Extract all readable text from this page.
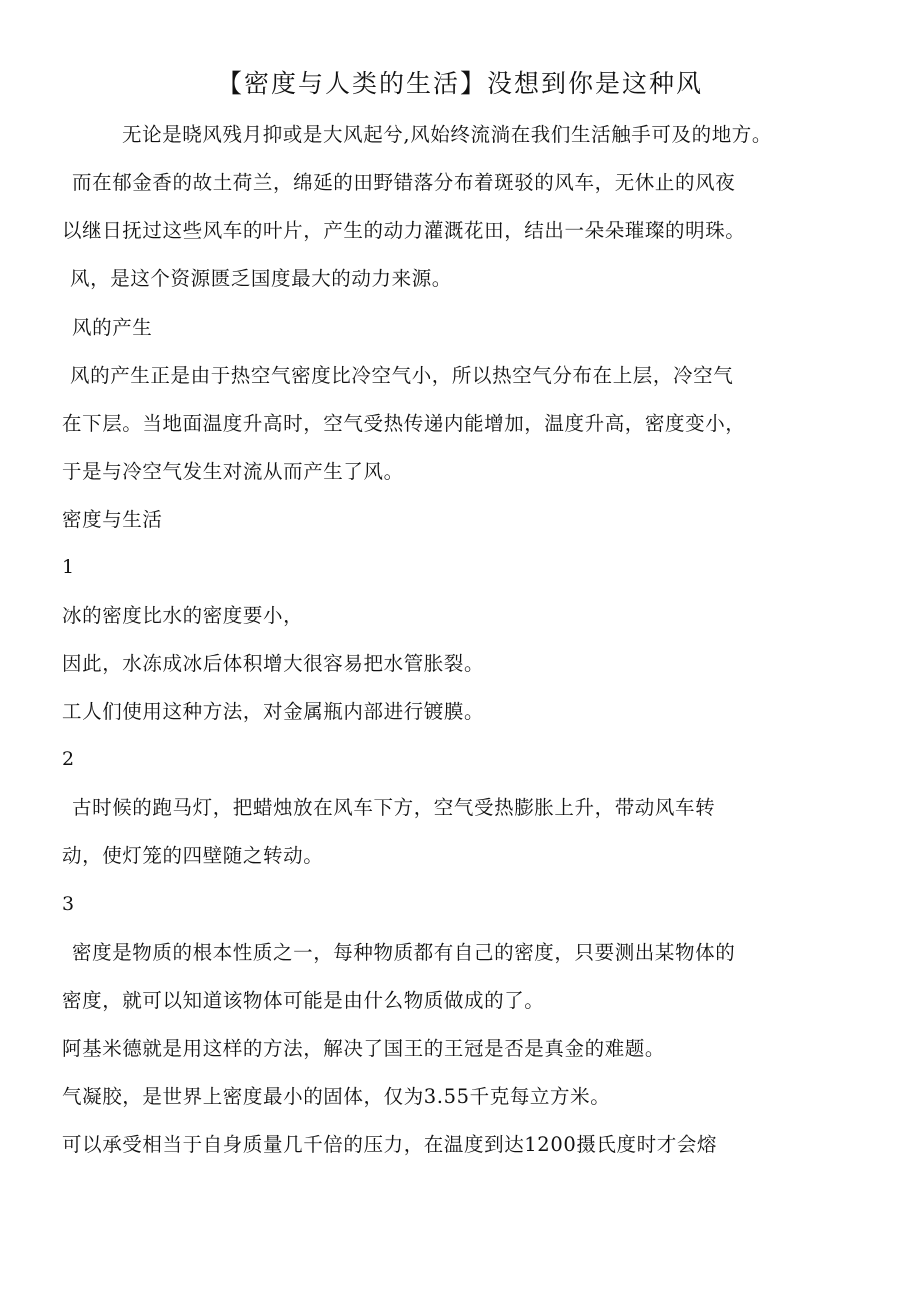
【密度与人类的生活】没想到你是这种风
无论是晓风残月抑或是大风起兮,风始终流淌在我们生活触手可及的地方。
而在郁金香的故土荷兰，绵延的田野错落分布着斑驳的风车，无休止的风夜
以继日抚过这些风车的叶片，产生的动力灌溉花田，结出一朵朵璀璨的明珠。
风，是这个资源匮乏国度最大的动力来源。
风的产生
风的产生正是由于热空气密度比冷空气小，所以热空气分布在上层，冷空气
在下层。当地面温度升高时，空气受热传递内能增加，温度升高，密度变小，
于是与冷空气发生对流从而产生了风。
密度与生活
1
冰的密度比水的密度要小，
因此，水冻成冰后体积增大很容易把水管胀裂。
工人们使用这种方法，对金属瓶内部进行镀膜。
2
古时候的跑马灯，把蜡烛放在风车下方，空气受热膨胀上升，带动风车转
动，使灯笼的四壁随之转动。
3
密度是物质的根本性质之一，每种物质都有自己的密度，只要测出某物体的
密度，就可以知道该物体可能是由什么物质做成的了。
阿基米德就是用这样的方法，解决了国王的王冠是否是真金的难题。
气凝胶，是世界上密度最小的固体，仅为3.55千克每立方米。
可以承受相当于自身质量几千倍的压力，在温度到达1200摄氏度时才会熔
